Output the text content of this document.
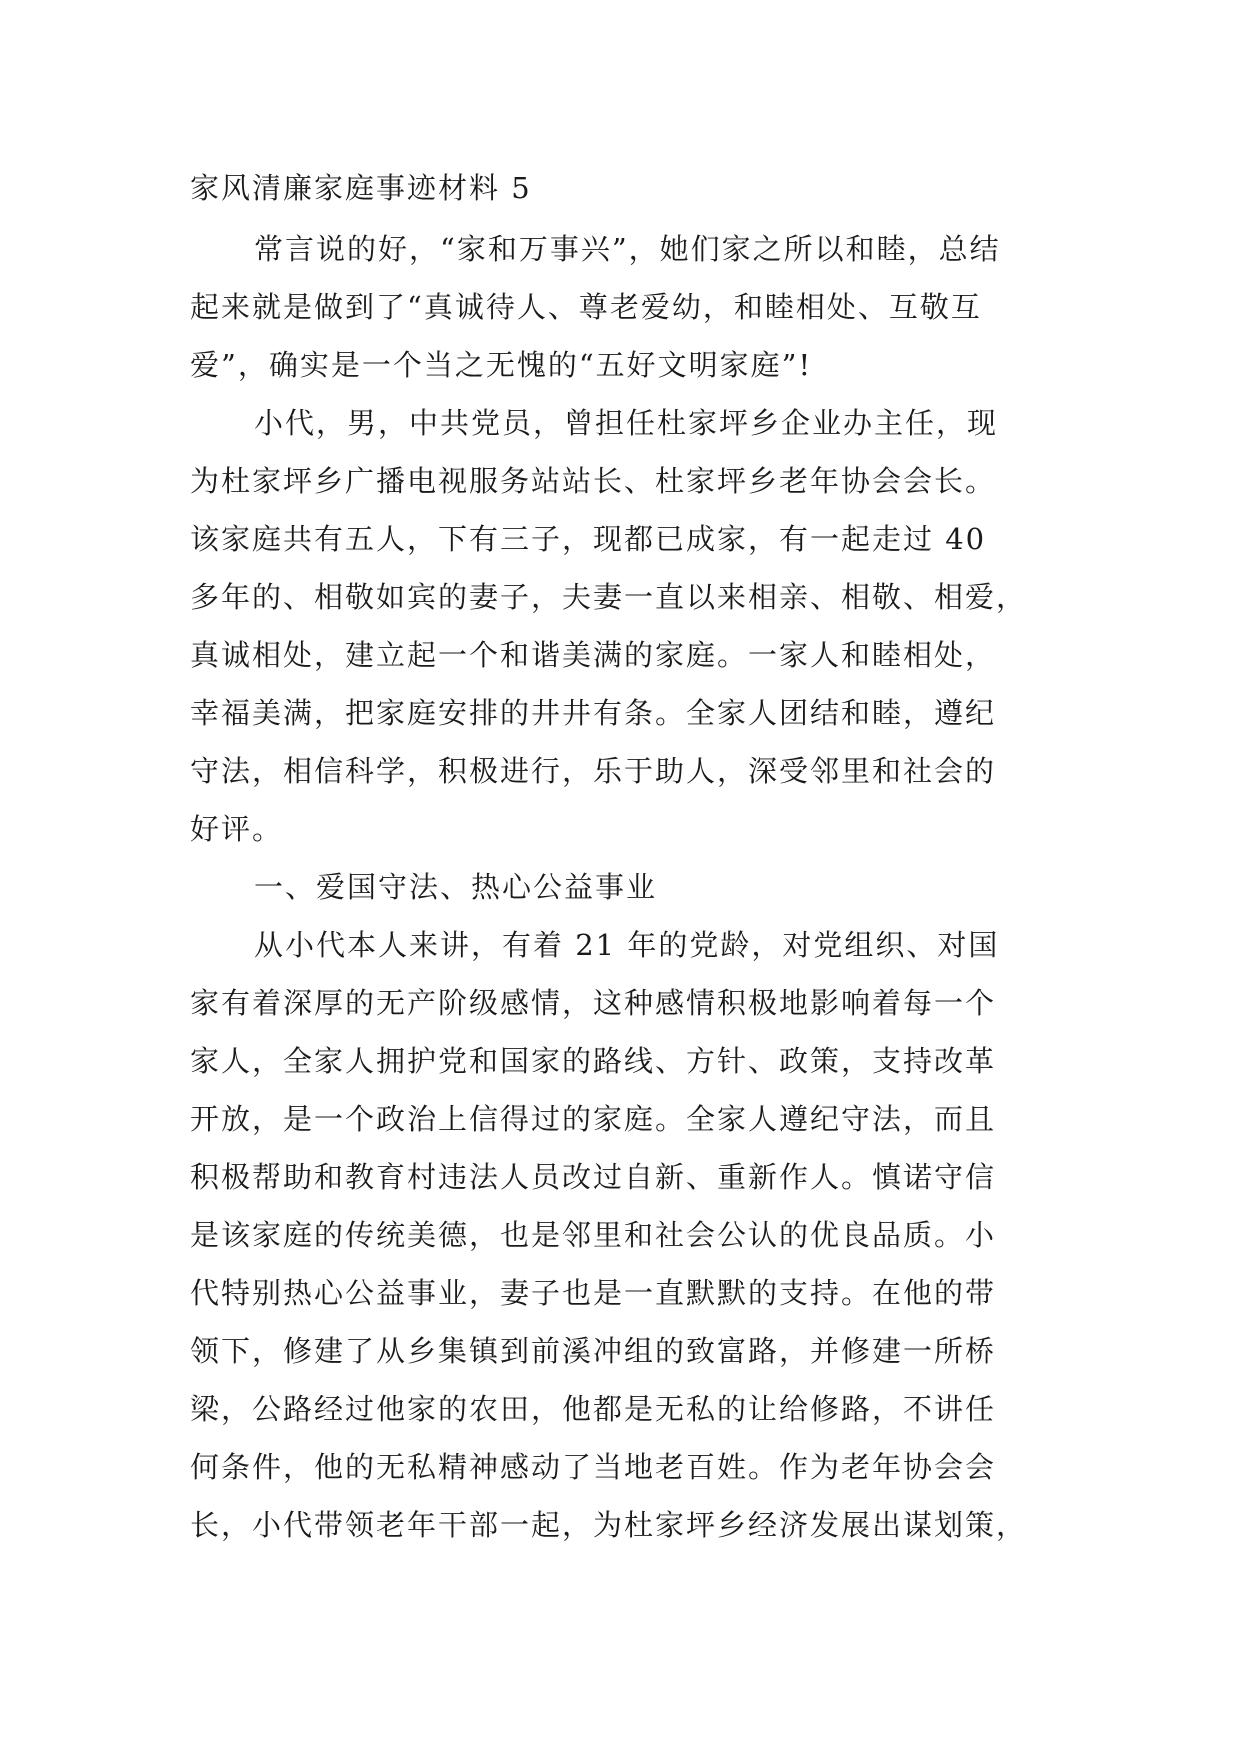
家风清廉家庭事迹材料 5

常言说的好，“家和万事兴”，她们家之所以和睦，总结
起来就是做到了“真诚待人、尊老爱幼，和睦相处、互敬互
爱”，确实是一个当之无愧的“五好文明家庭”!

小代，男，中共党员，曾担任杜家坪乡企业办主任，现
为杜家坪乡广播电视服务站站长、杜家坪乡老年协会会长。
该家庭共有五人，下有三子，现都已成家，有一起走过 40
多年的、相敬如宾的妻子，夫妻一直以来相亲、相敬、相爱，
真诚相处，建立起一个和谐美满的家庭。一家人和睦相处，
幸福美满，把家庭安排的井井有条。全家人团结和睦，遵纪
守法，相信科学，积极进行，乐于助人，深受邻里和社会的
好评。

一、爱国守法、热心公益事业

从小代本人来讲，有着 21 年的党龄，对党组织、对国
家有着深厚的无产阶级感情，这种感情积极地影响着每一个
家人，全家人拥护党和国家的路线、方针、政策，支持改革
开放，是一个政治上信得过的家庭。全家人遵纪守法，而且
积极帮助和教育村违法人员改过自新、重新作人。慎诺守信
是该家庭的传统美德，也是邻里和社会公认的优良品质。小
代特别热心公益事业，妻子也是一直默默的支持。在他的带
领下，修建了从乡集镇到前溪冲组的致富路，并修建一所桥
梁，公路经过他家的农田，他都是无私的让给修路，不讲任
何条件，他的无私精神感动了当地老百姓。作为老年协会会
长，小代带领老年干部一起，为杜家坪乡经济发展出谋划策，
